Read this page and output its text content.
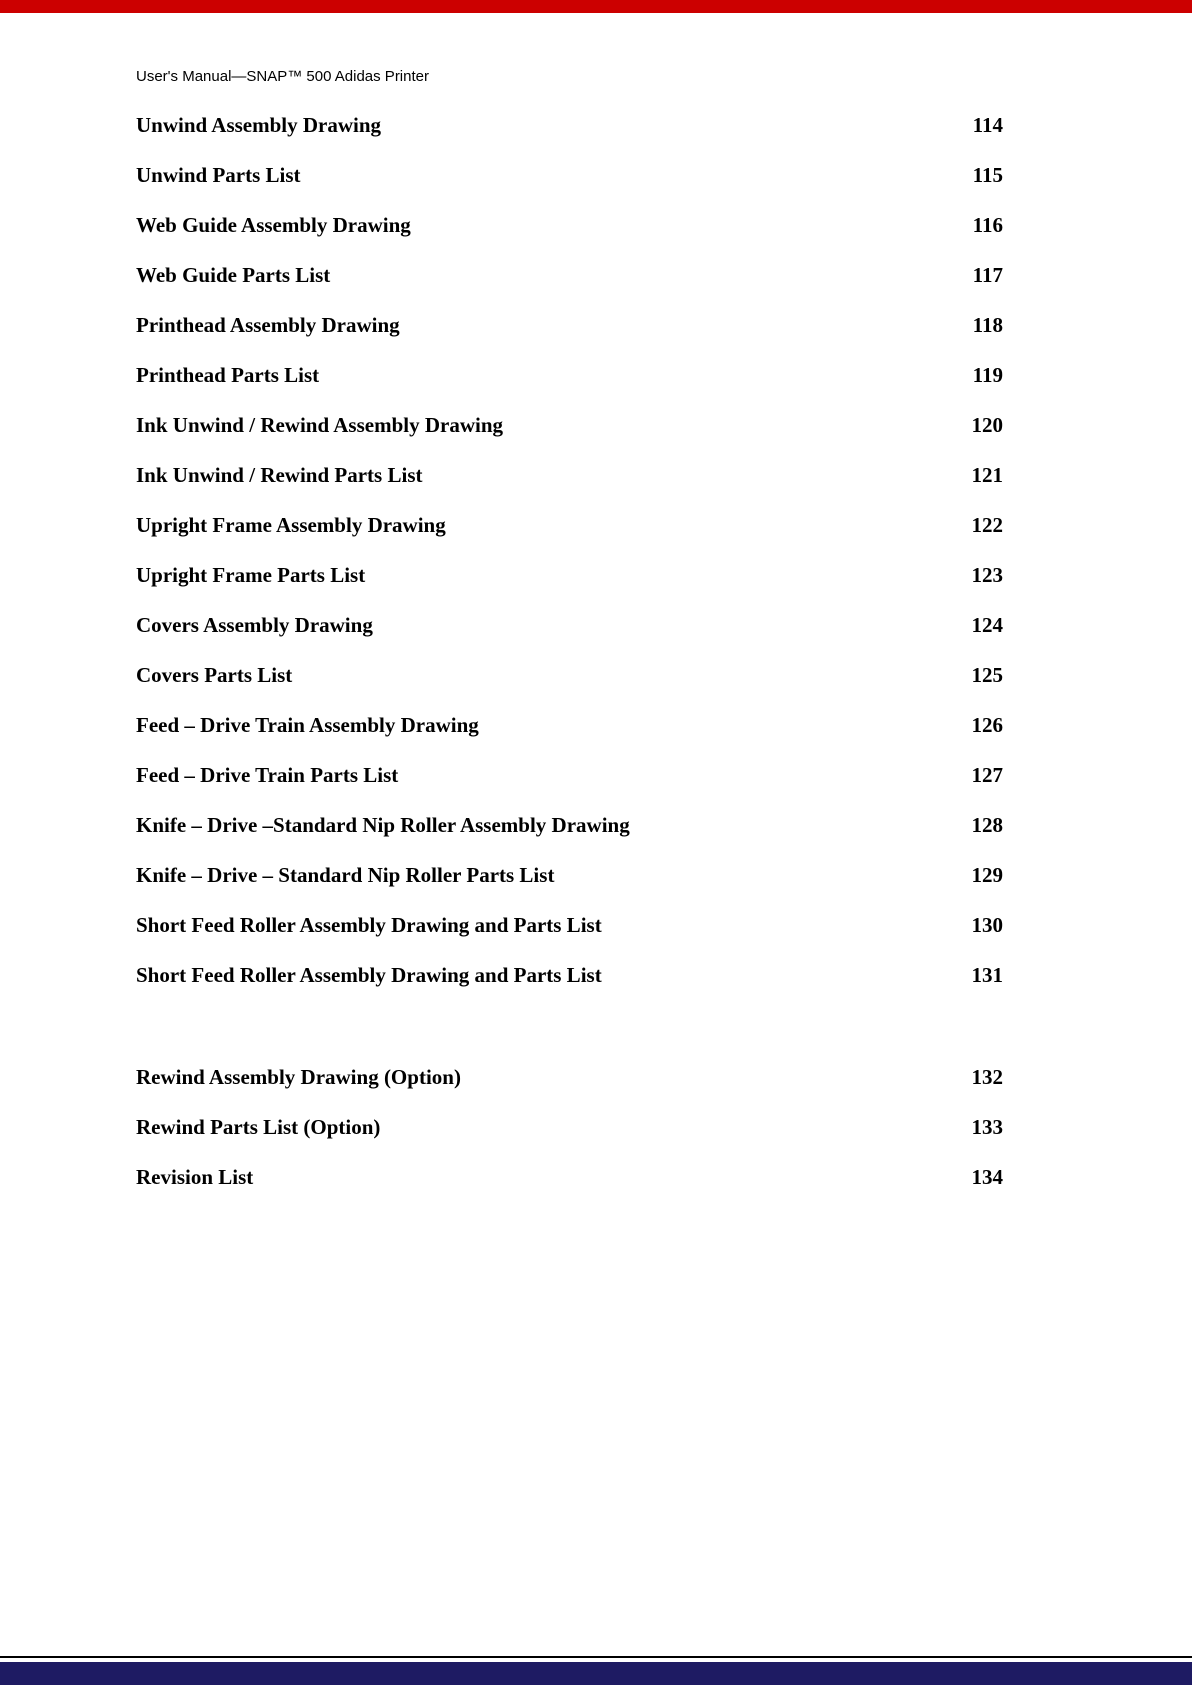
User's Manual—SNAP™ 500 Adidas Printer
Unwind Assembly Drawing	114
Unwind Parts List	115
Web Guide Assembly Drawing	116
Web Guide Parts List	117
Printhead Assembly Drawing	118
Printhead Parts List	119
Ink Unwind / Rewind Assembly Drawing	120
Ink Unwind / Rewind Parts List	121
Upright Frame Assembly Drawing	122
Upright Frame Parts List	123
Covers Assembly Drawing	124
Covers Parts List	125
Feed – Drive Train Assembly Drawing	126
Feed – Drive Train Parts List	127
Knife – Drive –Standard Nip Roller Assembly Drawing	128
Knife – Drive – Standard Nip Roller Parts List	129
Short Feed Roller Assembly Drawing and Parts List	130
Short Feed Roller Assembly Drawing and Parts List	131
Rewind Assembly Drawing (Option)	132
Rewind Parts List (Option)	133
Revision List	134
